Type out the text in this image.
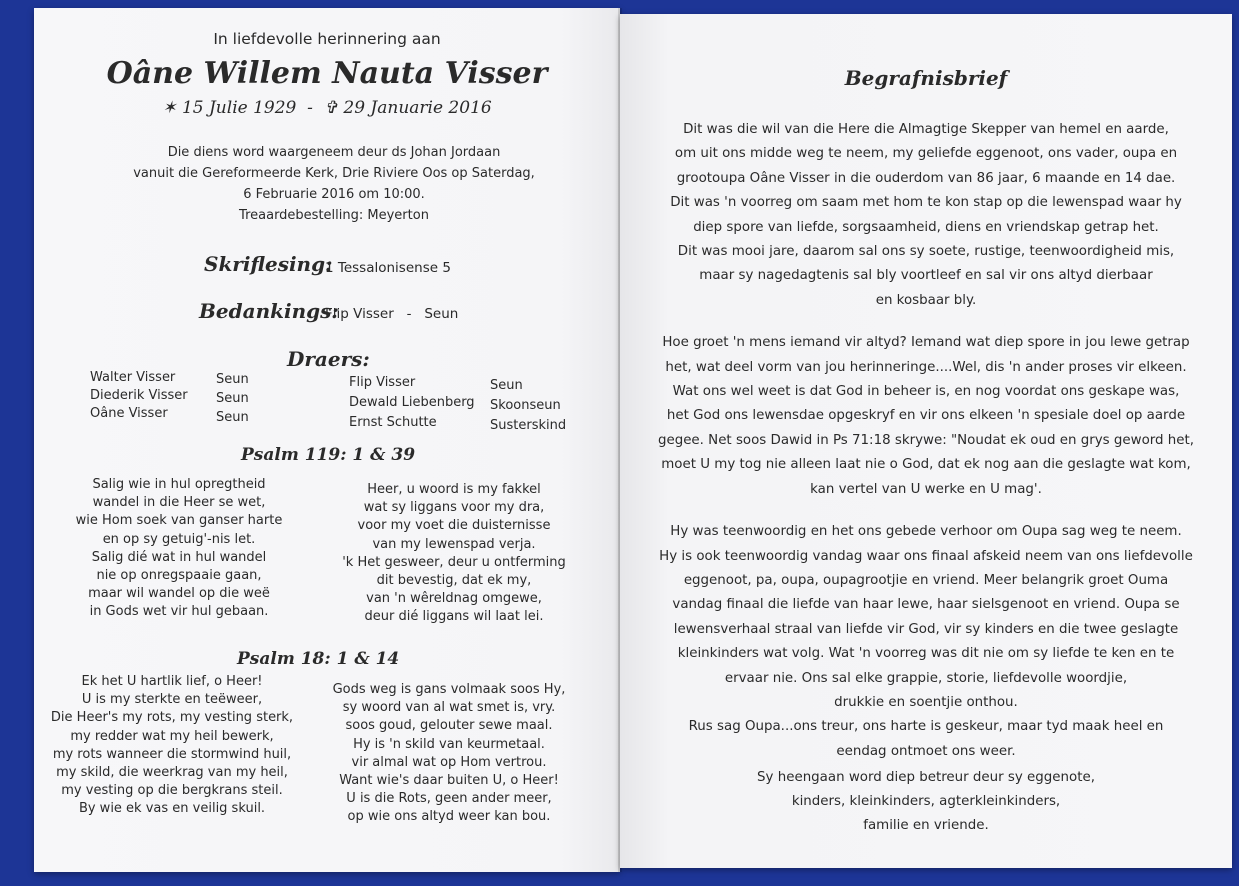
In liefdevolle herinnering aan
Oâne Willem Nauta Visser
✶ 15 Julie 1929 - ✞ 29 Januarie 2016
Die diens word waargeneem deur ds Johan Jordaan
vanuit die Gereformeerde Kerk, Drie Riviere Oos op Saterdag,
6 Februarie 2016 om 10:00.
Treaardebestelling: Meyerton
Skriflesing:
1 Tessalonisense 5
Bedankings:
Flip Visser   -   Seun
Draers:
Walter Visser
Diederik Visser
Oâne Visser
Seun
Seun
Seun
Flip Visser
Dewald Liebenberg
Ernst Schutte
Seun
Skoonseun
Susterskind
Psalm 119: 1 & 39
Salig wie in hul opregtheid
wandel in die Heer se wet,
wie Hom soek van ganser harte
en op sy getuig'-nis let.
Salig dié wat in hul wandel
nie op onregspaaie gaan,
maar wil wandel op die weë
in Gods wet vir hul gebaan.
Heer, u woord is my fakkel
wat sy liggans voor my dra,
voor my voet die duisternisse
van my lewenspad verja.
'k Het gesweer, deur u ontferming
dit bevestig, dat ek my,
van 'n wêreldnag omgewe,
deur dié liggans wil laat lei.
Psalm 18: 1 & 14
Ek het U hartlik lief, o Heer!
U is my sterkte en teëweer,
Die Heer's my rots, my vesting sterk,
my redder wat my heil bewerk,
my rots wanneer die stormwind huil,
my skild, die weerkrag van my heil,
my vesting op die bergkrans steil.
By wie ek vas en veilig skuil.
Gods weg is gans volmaak soos Hy,
sy woord van al wat smet is, vry.
soos goud, gelouter sewe maal.
Hy is 'n skild van keurmetaal.
vir almal wat op Hom vertrou.
Want wie's daar buiten U, o Heer!
U is die Rots, geen ander meer,
op wie ons altyd weer kan bou.
Begrafnisbrief

Dit was die wil van die Here die Almagtige Skepper van hemel en aarde,
om uit ons midde weg te neem, my geliefde eggenoot, ons vader, oupa en
grootoupa Oâne Visser in die ouderdom van 86 jaar, 6 maande en 14 dae.
Dit was 'n voorreg om saam met hom te kon stap op die lewenspad waar hy
diep spore van liefde, sorgsaamheid, diens en vriendskap getrap het.
Dit was mooi jare, daarom sal ons sy soete, rustige, teenwoordigheid mis,
maar sy nagedagtenis sal bly voortleef en sal vir ons altyd dierbaar
en kosbaar bly.

Hoe groet 'n mens iemand vir altyd? Iemand wat diep spore in jou lewe getrap
het, wat deel vorm van jou herinneringe....Wel, dis 'n ander proses vir elkeen.
Wat ons wel weet is dat God in beheer is, en nog voordat ons geskape was,
het God ons lewensdae opgeskryf en vir ons elkeen 'n spesiale doel op aarde
gegee. Net soos Dawid in Ps 71:18 skrywe: "Noudat ek oud en grys geword het,
moet U my tog nie alleen laat nie o God, dat ek nog aan die geslagte wat kom,
kan vertel van U werke en U mag'.

Hy was teenwoordig en het ons gebede verhoor om Oupa sag weg te neem.
Hy is ook teenwoordig vandag waar ons finaal afskeid neem van ons liefdevolle
eggenoot, pa, oupa, oupagrootjie en vriend. Meer belangrik groet Ouma
vandag finaal die liefde van haar lewe, haar sielsgenoot en vriend. Oupa se
lewensverhaal straal van liefde vir God, vir sy kinders en die twee geslagte
kleinkinders wat volg. Wat 'n voorreg was dit nie om sy liefde te ken en te
ervaar nie. Ons sal elke grappie, storie, liefdevolle woordjie,
drukkie en soentjie onthou.
Rus sag Oupa...ons treur, ons harte is geskeur, maar tyd maak heel en
eendag ontmoet ons weer.

Sy heengaan word diep betreur deur sy eggenote,
kinders, kleinkinders, agterkleinkinders,
familie en vriende.
